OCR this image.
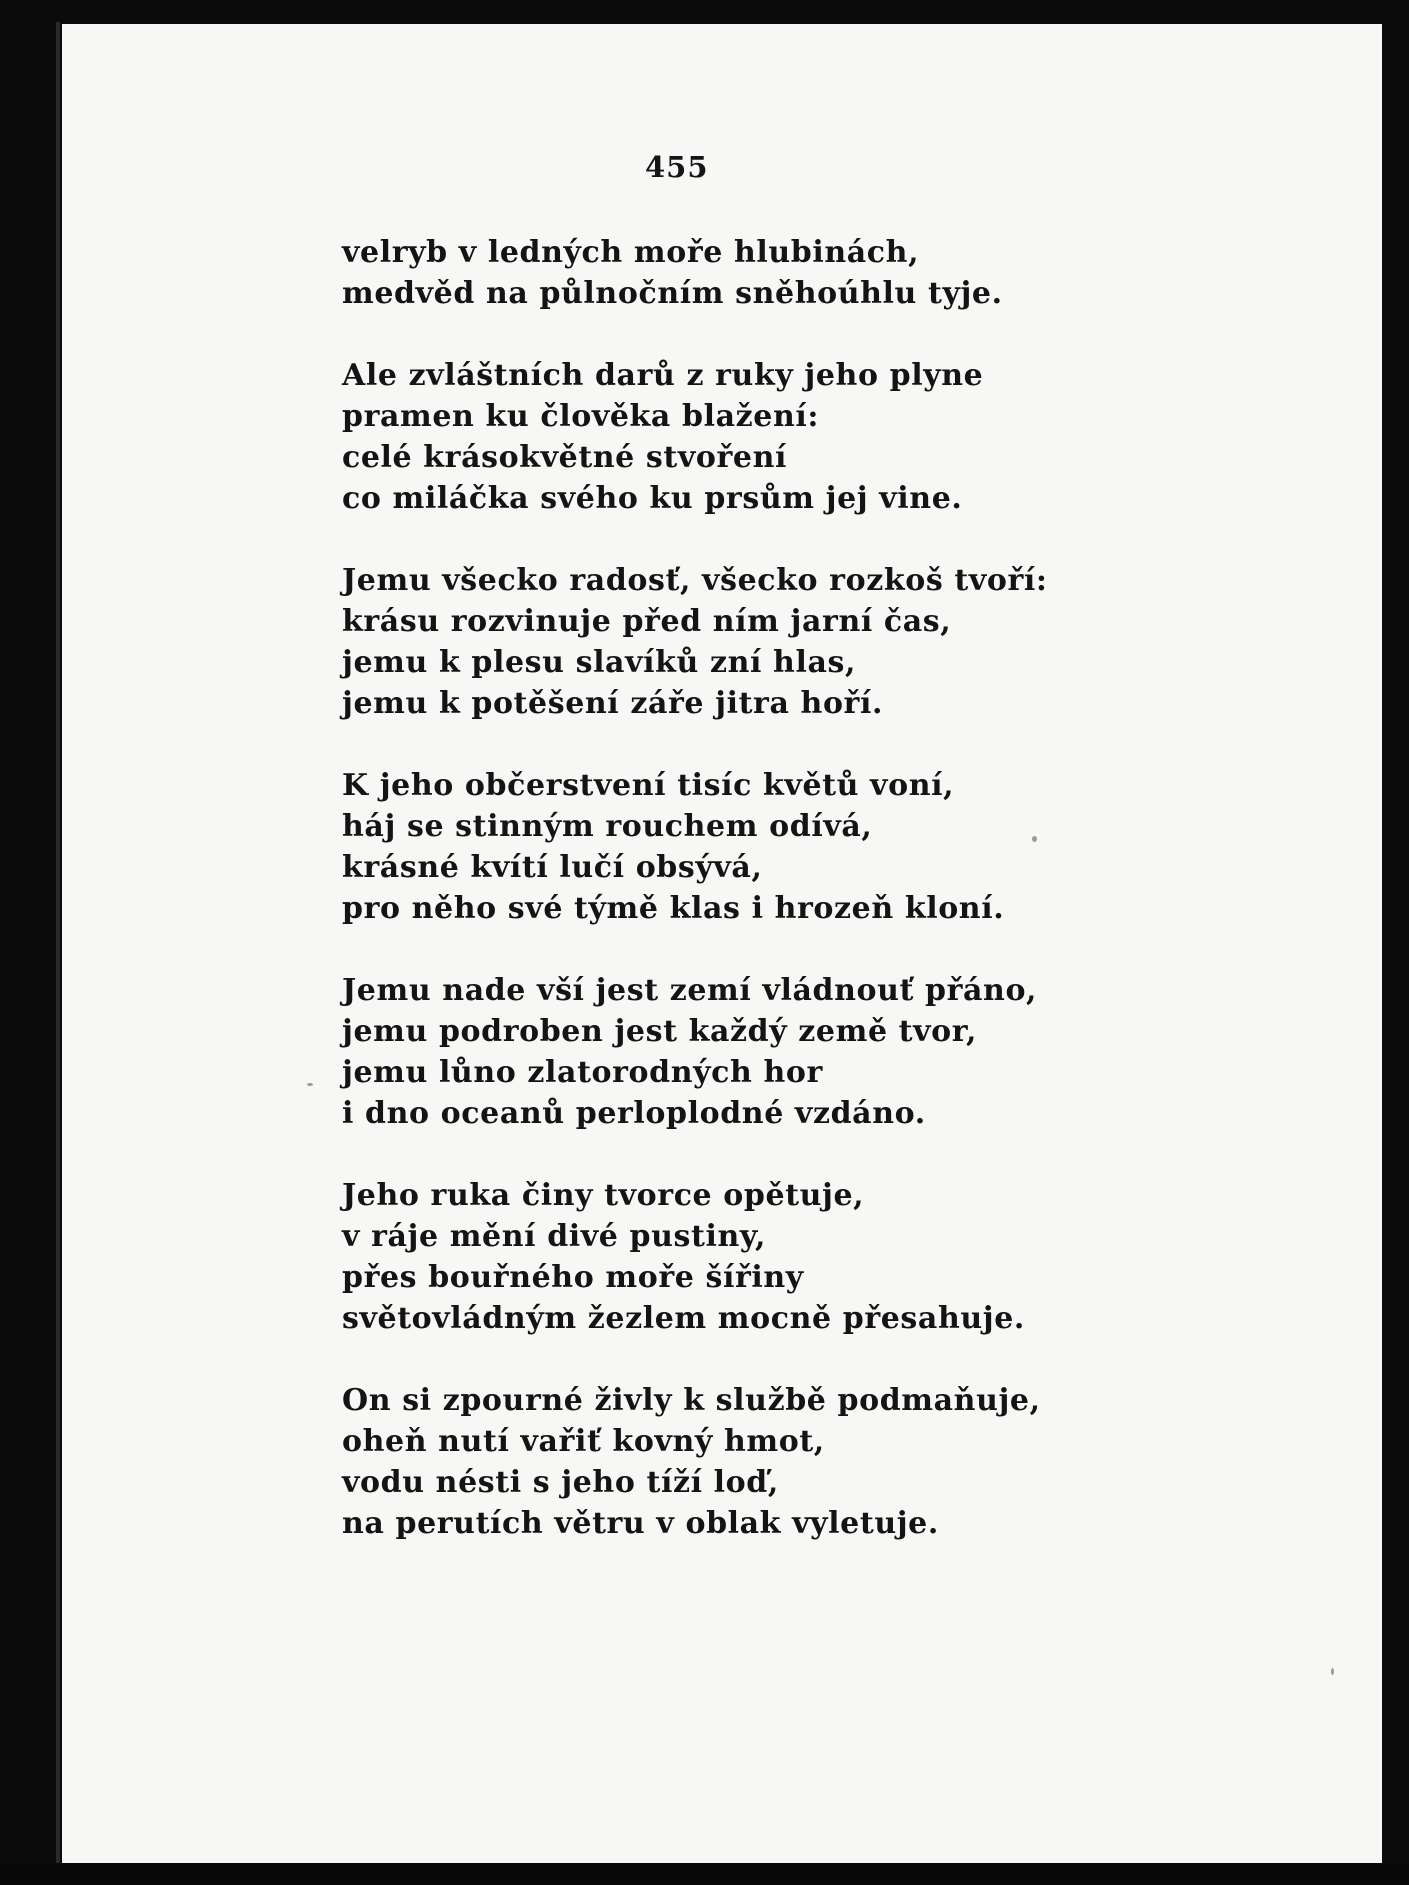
455
velryb v ledných moře hlubinách,
medvěd na půlnočním sněhoúhlu tyje.
Ale zvláštních darů z ruky jeho plyne
pramen ku člověka blažení:
celé krásokvětné stvoření
co miláčka svého ku prsům jej vine.
Jemu všecko radosť, všecko rozkoš tvoří:
krásu rozvinuje před ním jarní čas,
jemu k plesu slavíků zní hlas,
jemu k potěšení záře jitra hoří.
K jeho občerstvení tisíc květů voní,
háj se stinným rouchem odívá,
krásné kvítí lučí obsývá,
pro něho své týmě klas i hrozeň kloní.
Jemu nade vší jest zemí vládnouť přáno,
jemu podroben jest každý země tvor,
jemu lůno zlatorodných hor
i dno oceanů perloplodné vzdáno.
Jeho ruka činy tvorce opětuje,
v ráje mění divé pustiny,
přes bouřného moře šířiny
světovládným žezlem mocně přesahuje.
On si zpourné živly k službě podmaňuje,
oheň nutí vařiť kovný hmot,
vodu nésti s jeho tíží loď,
na perutích větru v oblak vyletuje.
